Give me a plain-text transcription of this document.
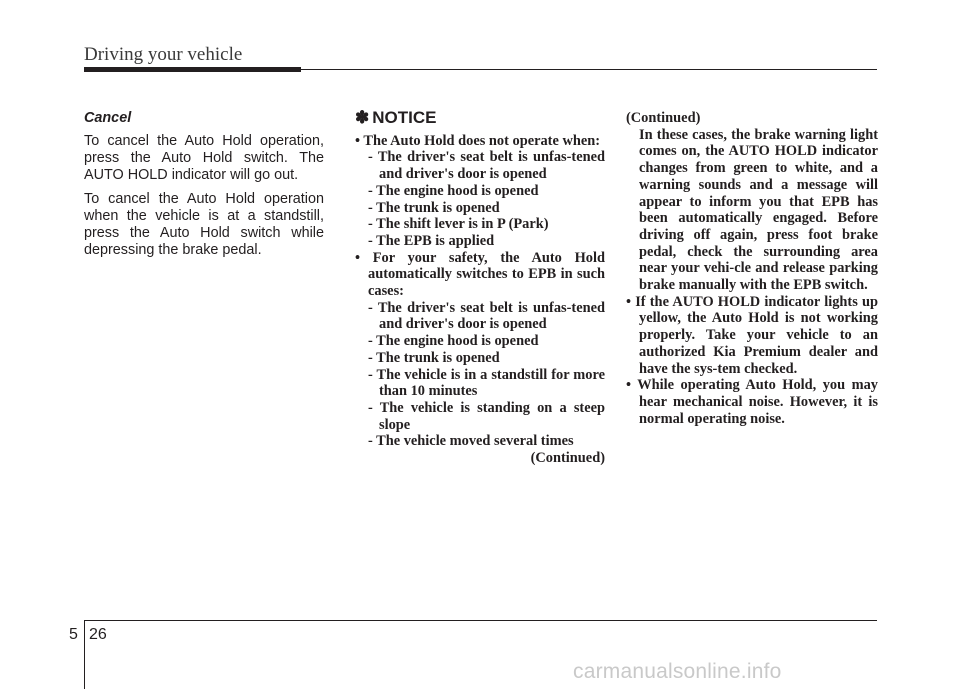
Driving your vehicle
Cancel

To cancel the Auto Hold operation, press the Auto Hold switch. The AUTO HOLD indicator will go out.

To cancel the Auto Hold operation when the vehicle is at a standstill, press the Auto Hold switch while depressing the brake pedal.

✽ NOTICE
• The Auto Hold does not operate when:
- The driver's seat belt is unfas-tened and driver's door is opened
- The engine hood is opened
- The trunk is opened
- The shift lever is in P (Park)
- The EPB is applied
• For your safety, the Auto Hold automatically switches to EPB in such cases:
- The driver's seat belt is unfas-tened and driver's door is opened
- The engine hood is opened
- The trunk is opened
- The vehicle is in a standstill for more than 10 minutes
- The vehicle is standing on a steep slope
- The vehicle moved several times
(Continued)
(Continued)
In these cases, the brake warning light comes on, the AUTO HOLD indicator changes from green to white, and a warning sounds and a message will appear to inform you that EPB has been automatically engaged. Before driving off again, press foot brake pedal, check the surrounding area near your vehi-cle and release parking brake manually with the EPB switch.
• If the AUTO HOLD indicator lights up yellow, the Auto Hold is not working properly. Take your vehicle to an authorized Kia Premium dealer and have the sys-tem checked.
• While operating Auto Hold, you may hear mechanical noise. However, it is normal operating noise.
5 26
carmanualsonline.info
